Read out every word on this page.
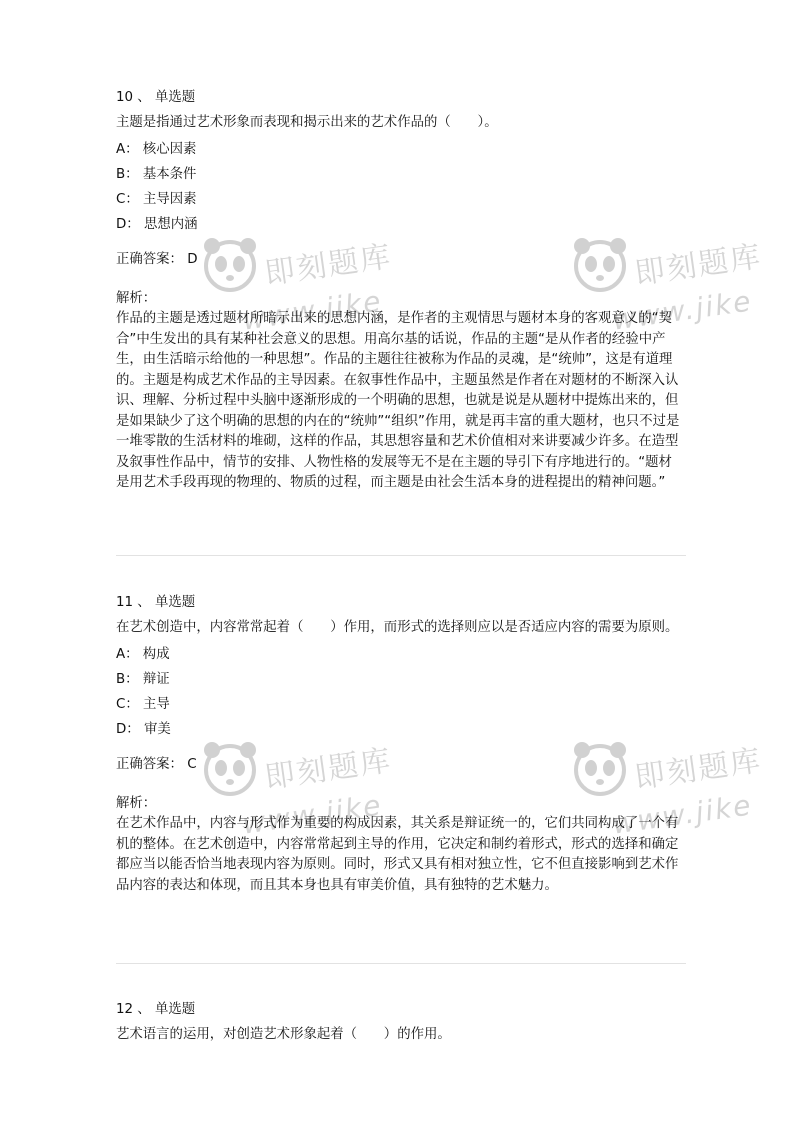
即刻题库
www.jike
即刻题库
www.jike
即刻题库
www.jike
即刻题库
www.jike
10 、 单选题
主题是指通过艺术形象而表现和揭示出来的艺术作品的（　　）。
A： 核心因素
B： 基本条件
C： 主导因素
D： 思想内涵
正确答案： D
解析：
作品的主题是透过题材所暗示出来的思想内涵，是作者的主观情思与题材本身的客观意义的“契合”中生发出的具有某种社会意义的思想。用高尔基的话说，作品的主题“是从作者的经验中产生，由生活暗示给他的一种思想”。作品的主题往往被称为作品的灵魂，是“统帅”，这是有道理的。主题是构成艺术作品的主导因素。在叙事性作品中，主题虽然是作者在对题材的不断深入认识、理解、分析过程中头脑中逐渐形成的一个明确的思想，也就是说是从题材中提炼出来的，但是如果缺少了这个明确的思想的内在的“统帅”“组织”作用，就是再丰富的重大题材，也只不过是一堆零散的生活材料的堆砌，这样的作品，其思想容量和艺术价值相对来讲要减少许多。在造型及叙事性作品中，情节的安排、人物性格的发展等无不是在主题的导引下有序地进行的。“题材是用艺术手段再现的物理的、物质的过程，而主题是由社会生活本身的进程提出的精神问题。”
11 、 单选题
在艺术创造中，内容常常起着（　　）作用，而形式的选择则应以是否适应内容的需要为原则。
A： 构成
B： 辩证
C： 主导
D： 审美
正确答案： C
解析：
在艺术作品中，内容与形式作为重要的构成因素，其关系是辩证统一的，它们共同构成了一个有机的整体。在艺术创造中，内容常常起到主导的作用，它决定和制约着形式，形式的选择和确定都应当以能否恰当地表现内容为原则。同时，形式又具有相对独立性，它不但直接影响到艺术作品内容的表达和体现，而且其本身也具有审美价值，具有独特的艺术魅力。
12 、 单选题
艺术语言的运用，对创造艺术形象起着（　　）的作用。
